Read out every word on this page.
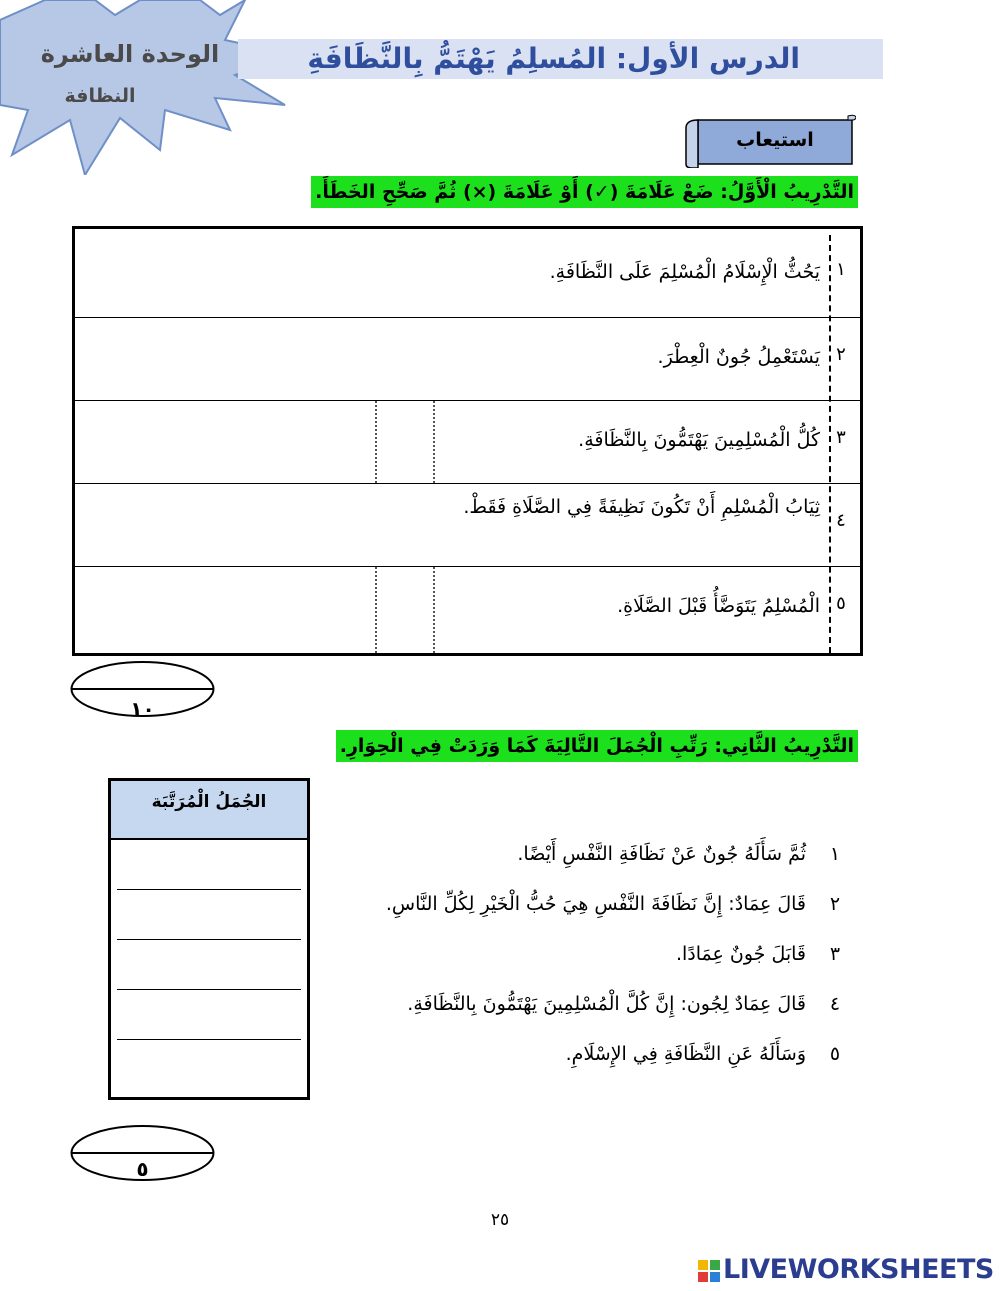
الوحدة العاشرة
النظافة
الدرس الأول: المُسلِمُ يَهْتَمُّ بِالنَّظَافَةِ
استيعاب
التَّدْرِيبُ الْأَوَّلُ: ضَعْ عَلَامَةَ (✓) أَوْ عَلَامَةَ (×) ثُمَّ صَحِّحِ الخَطَأَ.
١
يَحُثُّ الْإِسْلَامُ الْمُسْلِمَ عَلَى النَّظَافَةِ.
٢
يَسْتَعْمِلُ جُونٌ الْعِطْرَ.
٣
كُلُّ الْمُسْلِمِينَ يَهْتَمُّونَ بِالنَّظَافَةِ.
٤
ثِيَابُ الْمُسْلِمِ أَنْ تَكُونَ نَظِيفَةً فِي الصَّلَاةِ فَقَطْ.
٥
الْمُسْلِمُ يَتَوَضَّأُ قَبْلَ الصَّلَاةِ.
١٠
التَّدْرِيبُ الثَّانِي: رَتِّبِ الْجُمَلَ التَّالِيَةَ كَمَا وَرَدَتْ فِي الْحِوَارِ.
الجُمَلُ الْمُرَتَّبَة
١ثُمَّ سَأَلَهُ جُونٌ عَنْ نَظَافَةِ النَّفْسِ أَيْضًا.
٢قَالَ عِمَادٌ: إِنَّ نَظَافَةَ النَّفْسِ هِيَ حُبُّ الْخَيْرِ لِكُلِّ النَّاسِ.
٣قَابَلَ جُونٌ عِمَادًا.
٤قَالَ عِمَادٌ لِجُون: إِنَّ كُلَّ الْمُسْلِمِينَ يَهْتَمُّونَ بِالنَّظَافَةِ.
٥وَسَأَلَهُ عَنِ النَّظَافَةِ فِي الإِسْلَامِ.
٥
٢٥
LIVEWORKSHEETS
